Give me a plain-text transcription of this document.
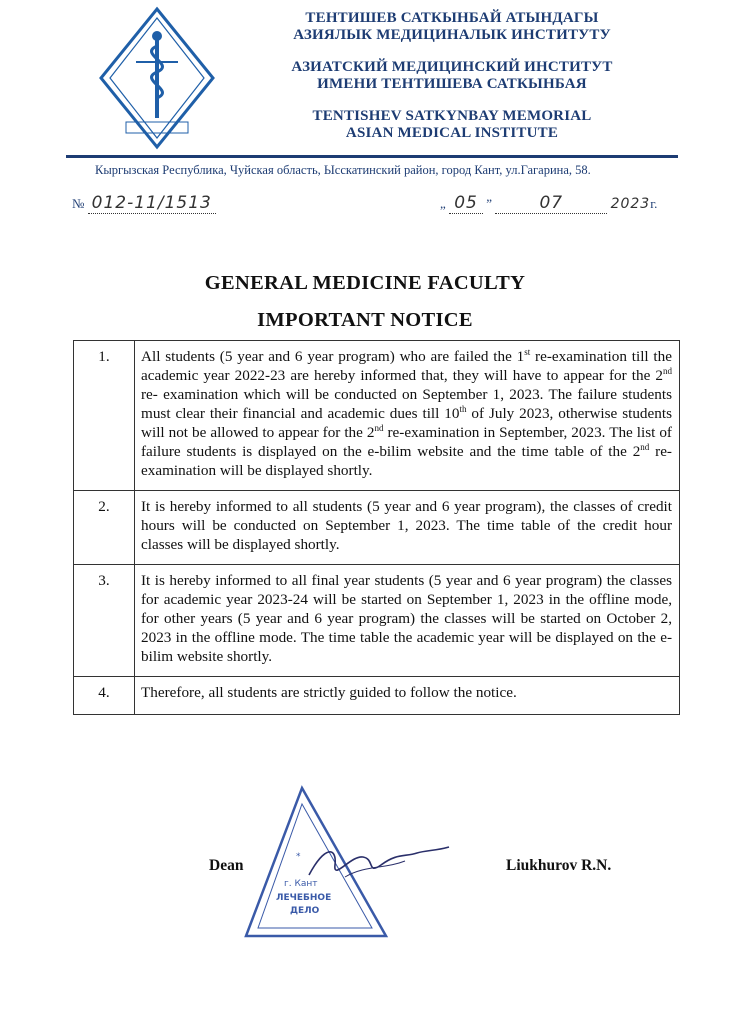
ТЕНТИШЕВ САТКЫНБАЙ АТЫНДАГЫ
АЗИЯЛЫК МЕДИЦИНАЛЫК ИНСТИТУТУ
АЗИАТСКИЙ МЕДИЦИНСКИЙ ИНСТИТУТ
ИМЕНИ ТЕНТИШЕВА САТКЫНБАЯ
TENTISHEV SATKYNBAY MEMORIAL
ASIAN MEDICAL INSTITUTE
Кыргызская Республика, Чуйская область, Ысскатинский район, город Кант, ул.Гагарина, 58.
№ 012-11/1513	„ 05 ”	07	2023г.
GENERAL MEDICINE FACULTY
IMPORTANT NOTICE
1.	All students (5 year and 6 year program) who are failed the 1st re-examination till the academic year 2022-23 are hereby informed that, they will have to appear for the 2nd re- examination which will be conducted on September 1, 2023. The failure students must clear their financial and academic dues till 10th of July 2023, otherwise students will not be allowed to appear for the 2nd re-examination in September, 2023. The list of failure students is displayed on the e-bilim website and the time table of the 2nd re-examination will be displayed shortly.
2.	It is hereby informed to all students (5 year and 6 year program), the classes of credit hours will be conducted on September 1, 2023. The time table of the credit hour classes will be displayed shortly.
3.	It is hereby informed to all final year students (5 year and 6 year program) the classes for academic year 2023-24 will be started on September 1, 2023 in the offline mode, for other years (5 year and 6 year program) the classes will be started on October 2, 2023 in the offline mode. The time table the academic year will be displayed on the e-bilim website shortly.
4.	Therefore, all students are strictly guided to follow the notice.
*
г. Кант
ЛЕЧЕБНОЕ
ДЕЛО
Dean	Liukhurov R.N.
